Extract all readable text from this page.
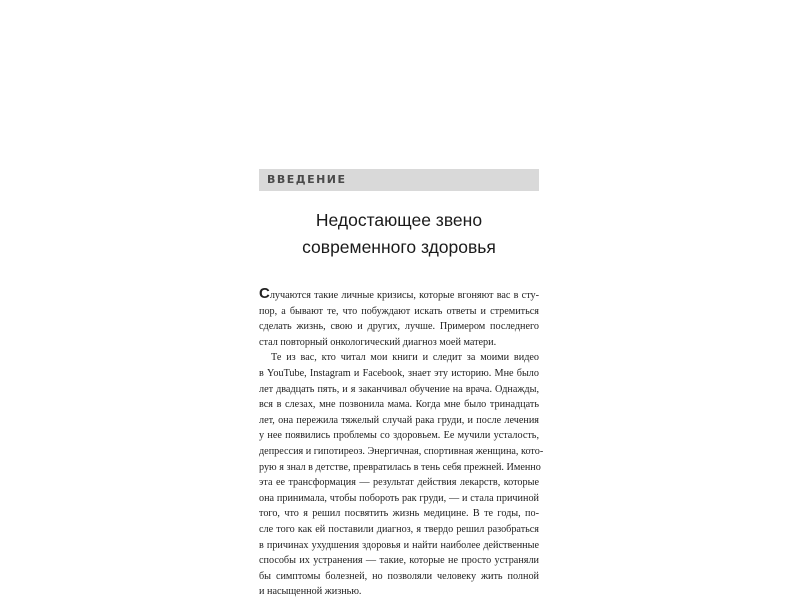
ВВЕДЕНИЕ
Недостающее звено
современного здоровья
Случаются такие личные кризисы, которые вгоняют вас в сту-
пор, а бывают те, что побуждают искать ответы и стремиться
сделать жизнь, свою и других, лучше. Примером последнего
стал повторный онкологический диагноз моей матери.
Те из вас, кто читал мои книги и следит за моими видео
в YouTube, Instagram и Facebook, знает эту историю. Мне было
лет двадцать пять, и я заканчивал обучение на врача. Однажды,
вся в слезах, мне позвонила мама. Когда мне было тринадцать
лет, она пережила тяжелый случай рака груди, и после лечения
у нее появились проблемы со здоровьем. Ее мучили усталость,
депрессия и гипотиреоз. Энергичная, спортивная женщина, кото-
рую я знал в детстве, превратилась в тень себя прежней. Именно
эта ее трансформация — результат действия лекарств, которые
она принимала, чтобы побороть рак груди, — и стала причиной
того, что я решил посвятить жизнь медицине. В те годы, по-
сле того как ей поставили диагноз, я твердо решил разобраться
в причинах ухудшения здоровья и найти наиболее действенные
способы их устранения — такие, которые не просто устраняли
бы симптомы болезней, но позволяли человеку жить полной
и насыщенной жизнью.
